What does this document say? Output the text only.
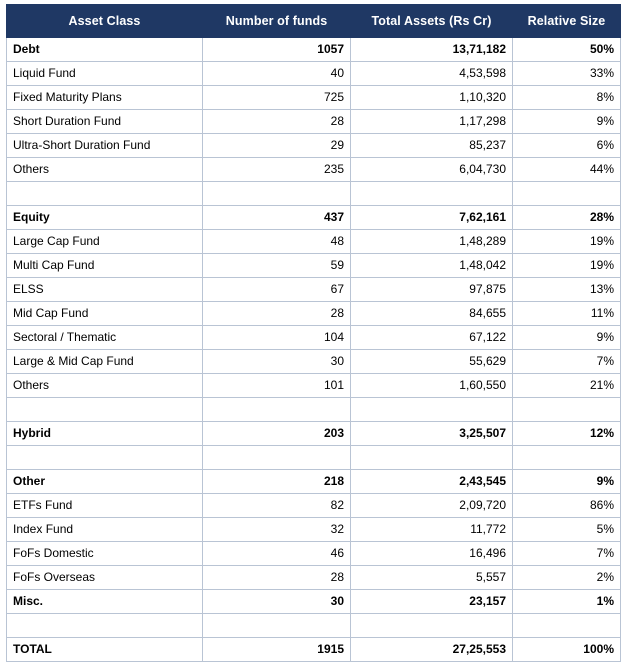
Asset Class	Number of funds	Total Assets (Rs Cr)	Relative Size
Debt	1057	13,71,182	50%
Liquid Fund	40	4,53,598	33%
Fixed Maturity Plans	725	1,10,320	8%
Short Duration Fund	28	1,17,298	9%
Ultra-Short Duration Fund	29	85,237	6%
Others	235	6,04,730	44%

Equity	437	7,62,161	28%
Large Cap Fund	48	1,48,289	19%
Multi Cap Fund	59	1,48,042	19%
ELSS	67	97,875	13%
Mid Cap Fund	28	84,655	11%
Sectoral / Thematic	104	67,122	9%
Large & Mid Cap Fund	30	55,629	7%
Others	101	1,60,550	21%

Hybrid	203	3,25,507	12%

Other	218	2,43,545	9%
ETFs Fund	82	2,09,720	86%
Index Fund	32	11,772	5%
FoFs Domestic	46	16,496	7%
FoFs Overseas	28	5,557	2%
Misc.	30	23,157	1%

TOTAL	1915	27,25,553	100%
